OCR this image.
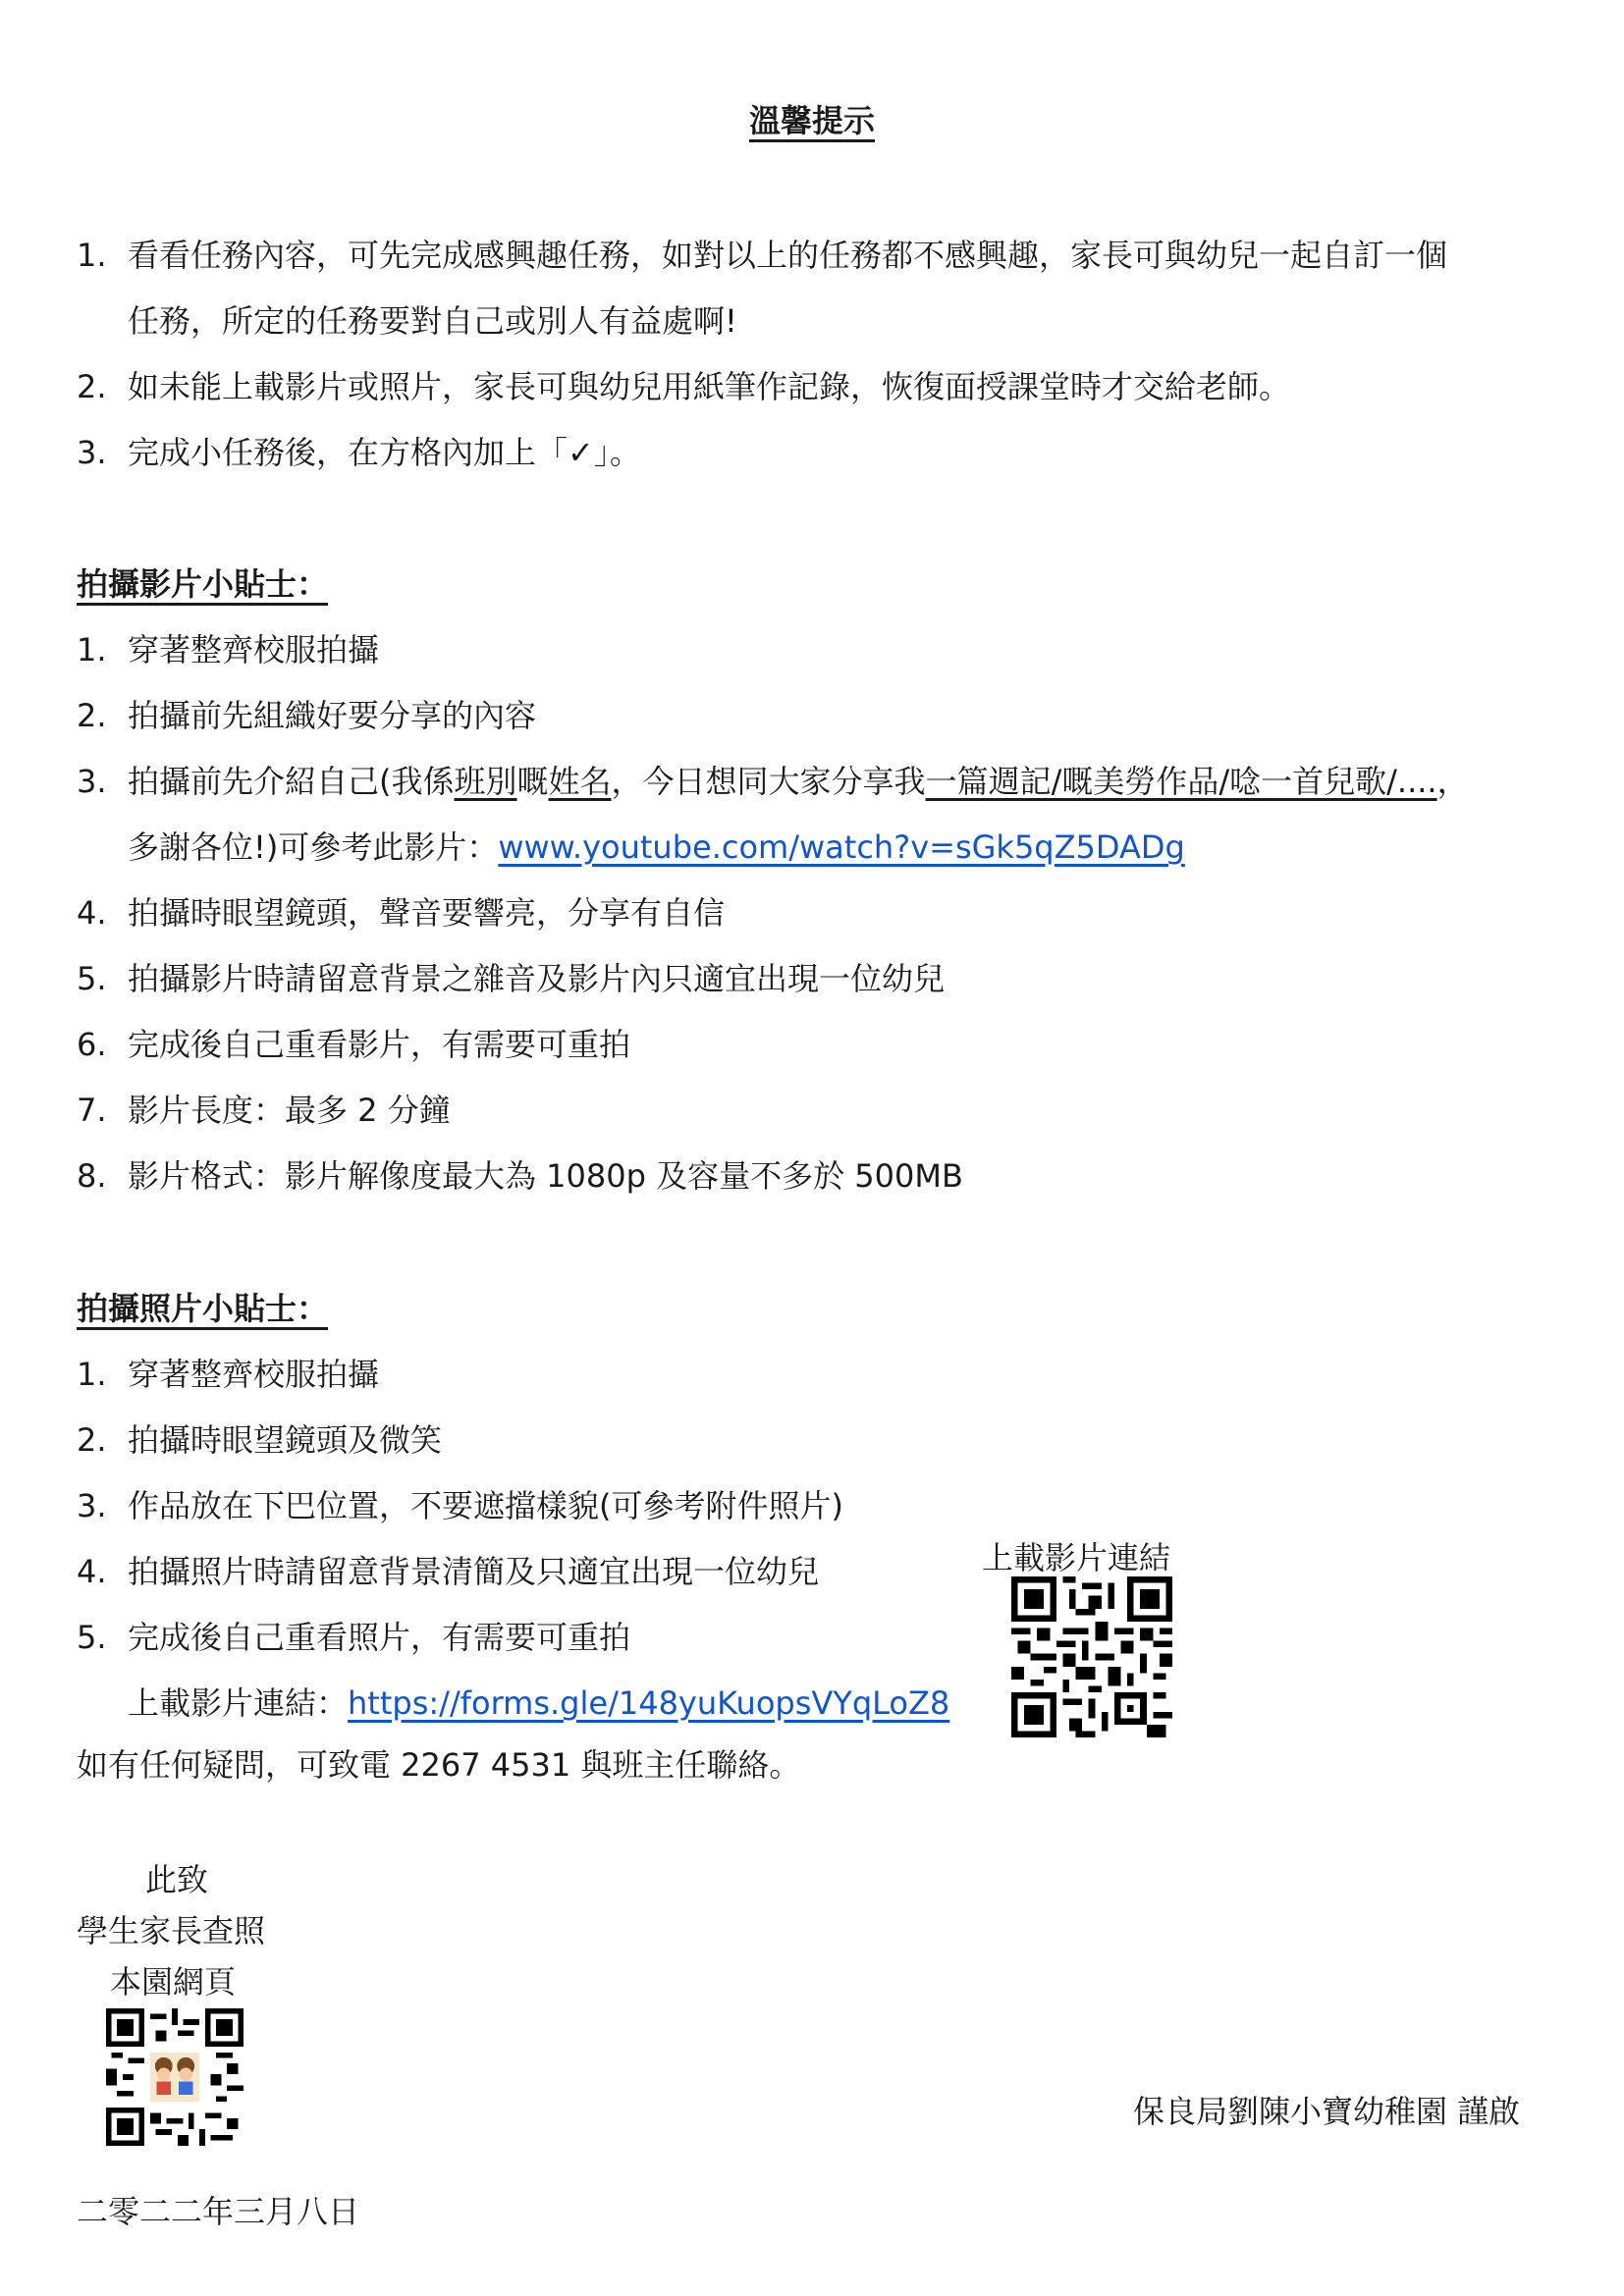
溫馨提示
1. 看看任務內容，可先完成感興趣任務，如對以上的任務都不感興趣，家長可與幼兒一起自訂一個
任務，所定的任務要對自己或別人有益處啊!
2. 如未能上載影片或照片，家長可與幼兒用紙筆作記錄，恢復面授課堂時才交給老師。
3. 完成小任務後，在方格內加上「✓」。
拍攝影片小貼士：
1. 穿著整齊校服拍攝
2. 拍攝前先組織好要分享的內容
3. 拍攝前先介紹自己(我係班別嘅姓名，今日想同大家分享我一篇週記/嘅美勞作品/唸一首兒歌/....，
多謝各位!)可參考此影片：www.youtube.com/watch?v=sGk5qZ5DADg
4. 拍攝時眼望鏡頭，聲音要響亮，分享有自信
5. 拍攝影片時請留意背景之雜音及影片內只適宜出現一位幼兒
6. 完成後自己重看影片，有需要可重拍
7. 影片長度：最多 2 分鐘
8. 影片格式：影片解像度最大為 1080p 及容量不多於 500MB
拍攝照片小貼士：
1. 穿著整齊校服拍攝
2. 拍攝時眼望鏡頭及微笑
3. 作品放在下巴位置，不要遮擋樣貌(可參考附件照片)
4. 拍攝照片時請留意背景清簡及只適宜出現一位幼兒
5. 完成後自己重看照片，有需要可重拍
上載影片連結：https://forms.gle/148yuKuopsVYqLoZ8
上載影片連結
如有任何疑問，可致電 2267 4531 與班主任聯絡。
此致
學生家長查照
本園網頁
保良局劉陳小寶幼稚園 謹啟
二零二二年三月八日
